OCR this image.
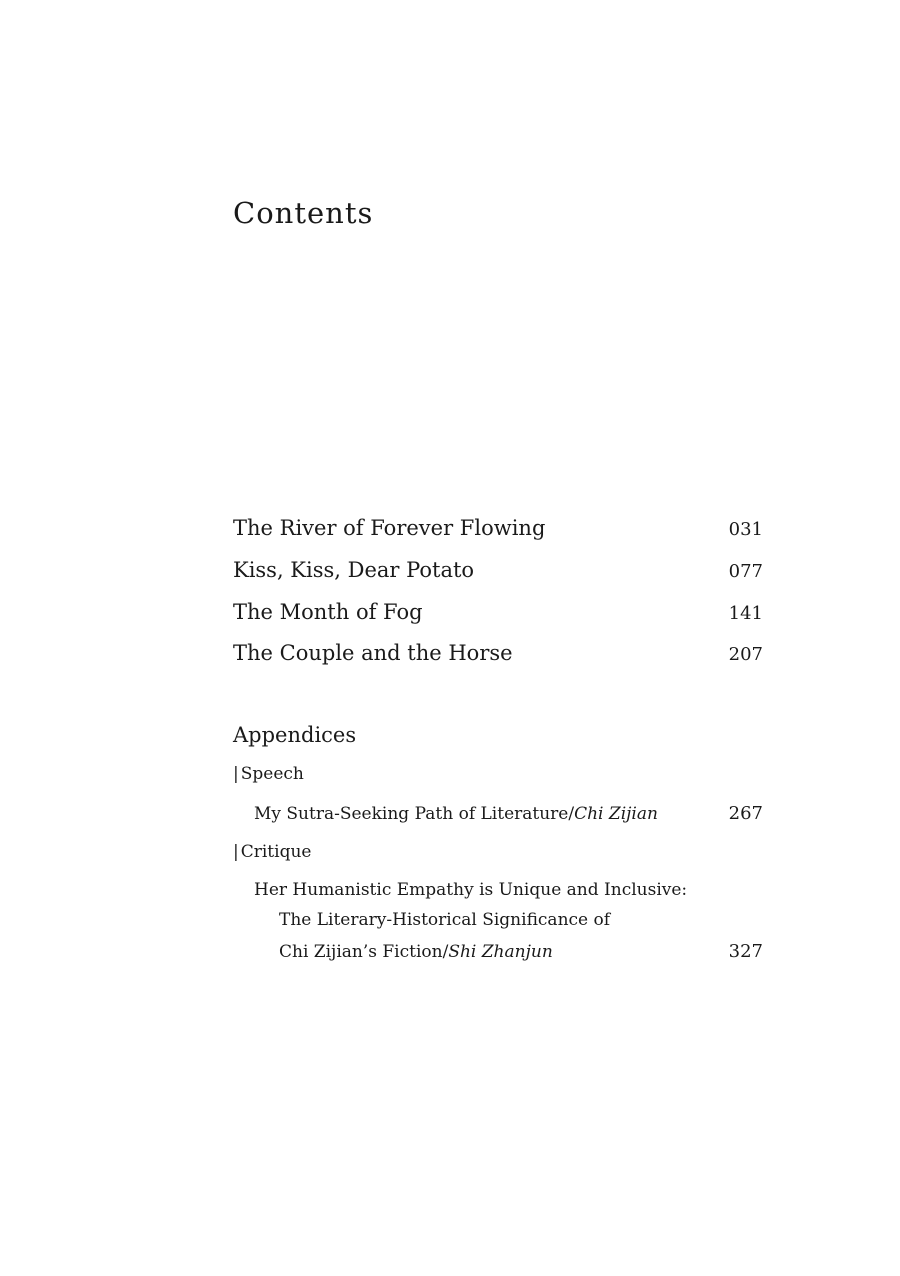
Contents
The River of Forever Flowing	031
Kiss, Kiss, Dear Potato	077
The Month of Fog	141
The Couple and the Horse	207
Appendices
| Speech
My Sutra-Seeking Path of Literature/Chi Zijian	267
| Critique
Her Humanistic Empathy is Unique and Inclusive:
The Literary-Historical Significance of
Chi Zijian’s Fiction/Shi Zhanjun	327
